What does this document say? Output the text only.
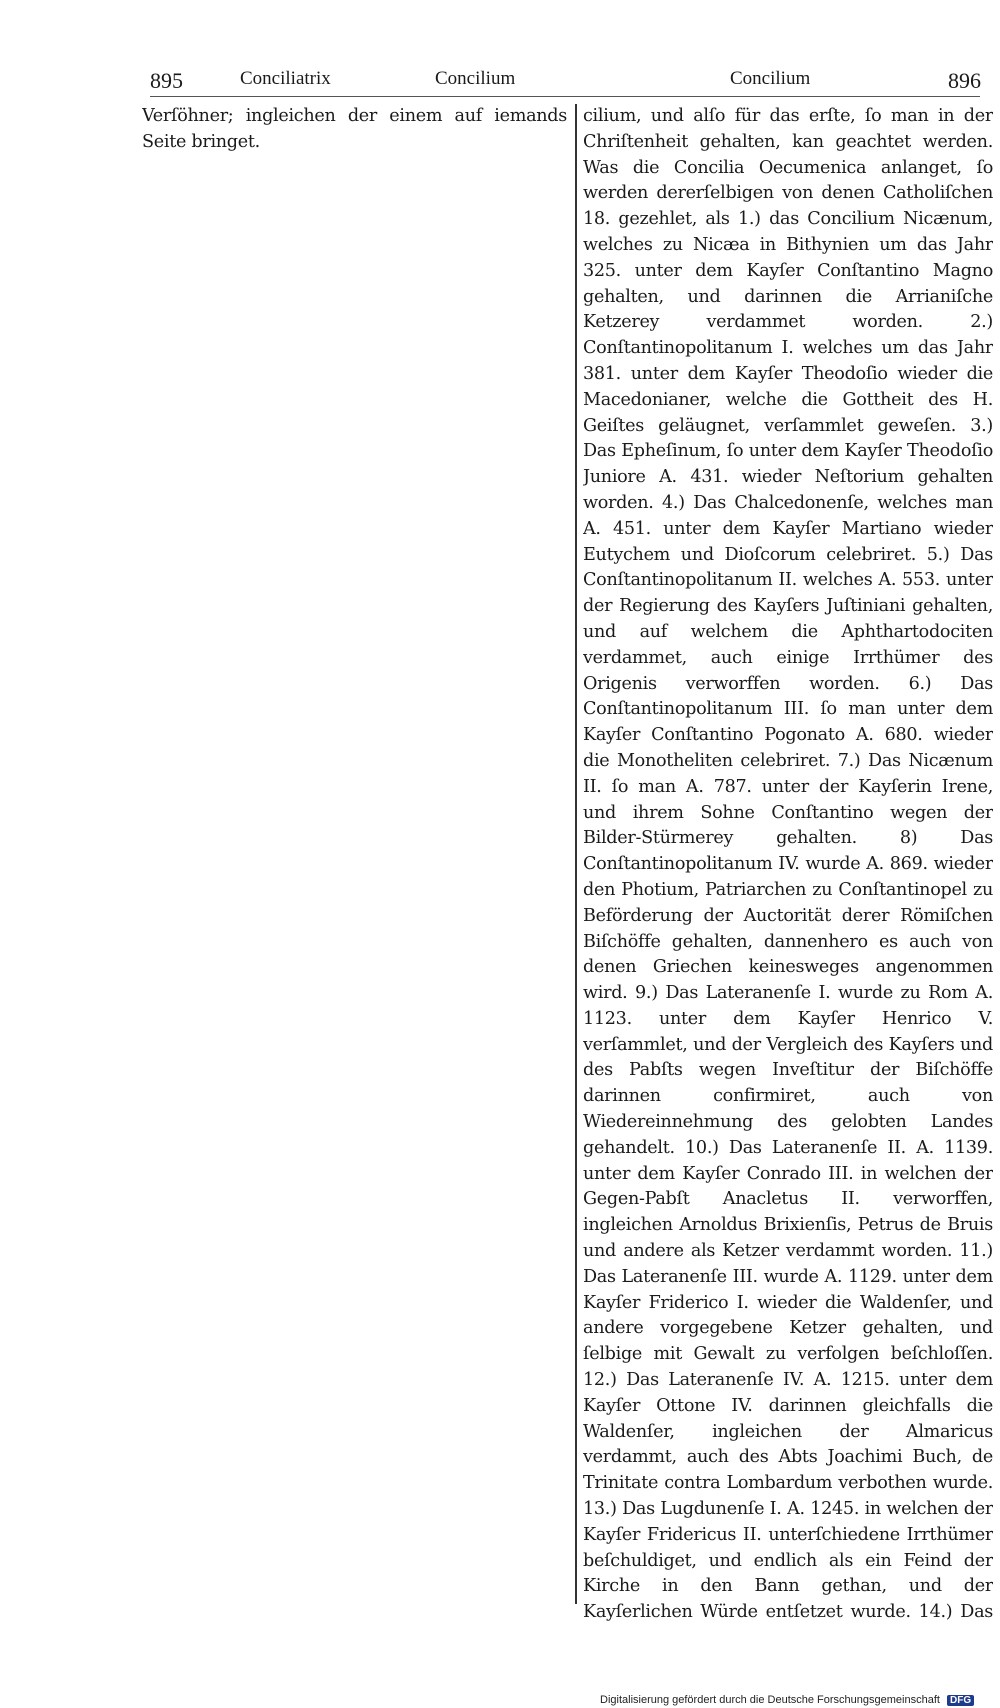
895	Conciliatrix	Concilium	Concilium	896

Verſöhner; ingleichen der einem auf iemands Seite bringet.

cilium, und alſo für das erſte, ſo man in der Chriſtenheit gehalten, kan geachtet werden. Was die Concilia Oecumenica anlanget, ſo werden dererſelbigen von denen Catholiſchen 18. gezehlet, als 1.) das Concilium Nicænum, welches zu Nicæa in Bithynien um das Jahr 325. unter dem Kayſer Conſtantino Magno gehalten, und darinnen die Arrianiſche Ketzerey verdammet worden. 2.) Conſtantinopolitanum I. welches um das Jahr 381. unter dem Kayſer Theodoſio wieder die Macedonianer, welche die Gottheit des H. Geiſtes geläugnet, verſammlet geweſen. 3.) Das Epheſinum, ſo unter dem Kayſer Theodoſio Juniore A. 431. wieder Neſtorium gehalten worden. 4.) Das Chalcedonenſe, welches man A. 451. unter dem Kayſer Martiano wieder Eutychem und Dioſcorum celebriret. 5.) Das Conſtantinopolitanum II. welches A. 553. unter der Regierung des Kayſers Juſtiniani gehalten, und auf welchem die Aphthartodociten verdammet, auch einige Irrthümer des Origenis verworffen worden. 6.) Das Conſtantinopolitanum III. ſo man unter dem Kayſer Conſtantino Pogonato A. 680. wieder die Monotheliten celebriret. 7.) Das Nicænum II. ſo man A. 787. unter der Kayſerin Irene, und ihrem Sohne Conſtantino wegen der Bilder-Stürmerey gehalten. 8) Das Conſtantinopolitanum IV. wurde A. 869. wieder den Photium, Patriarchen zu Conſtantinopel zu Beförderung der Auctorität derer Römiſchen Biſchöffe gehalten, dannenhero es auch von denen Griechen keinesweges angenommen wird. 9.) Das Lateranenſe I. wurde zu Rom A. 1123. unter dem Kayſer Henrico V. verſammlet, und der Vergleich des Kayſers und des Pabſts wegen Inveſtitur der Biſchöffe darinnen confirmiret, auch von Wiedereinnehmung des gelobten Landes gehandelt. 10.) Das Lateranenſe II. A. 1139. unter dem Kayſer Conrado III. in welchen der Gegen-Pabſt Anacletus II. verworffen, ingleichen Arnoldus Brixienſis, Petrus de Bruis und andere als Ketzer verdammt worden. 11.) Das Lateranenſe III. wurde A. 1129. unter dem Kayſer Friderico I. wieder die Waldenſer, und andere vorgegebene Ketzer gehalten, und ſelbige mit Gewalt zu verfolgen beſchloſſen. 12.) Das Lateranenſe IV. A. 1215. unter dem Kayſer Ottone IV. darinnen gleichfalls die Waldenſer, ingleichen der Almaricus verdammt, auch des Abts Joachimi Buch, de Trinitate contra Lombardum verbothen wurde. 13.) Das Lugdunenſe I. A. 1245. in welchen der Kayſer Fridericus II. unterſchiedene Irrthümer beſchuldiget, und endlich als ein Feind der Kirche in den Bann gethan, und der Kayſerlichen Würde entſetzet wurde. 14.) Das

Digitalisierung gefördert durch die Deutsche Forschungsgemeinschaft DFG
